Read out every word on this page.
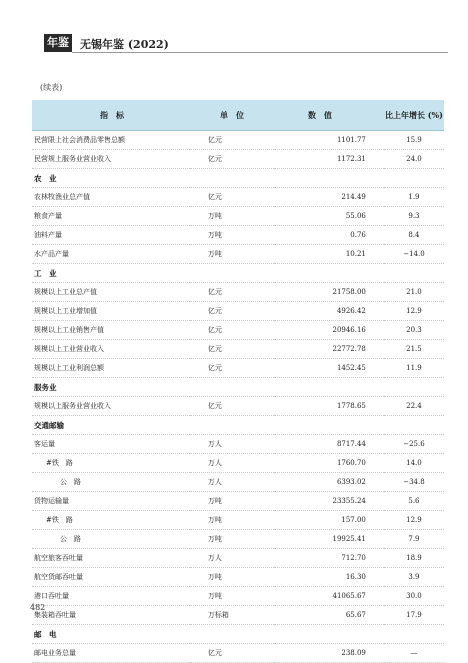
年鉴 无锡年鉴 (2022)
(续表)
指　标	单　位	数　值	比上年增长 (%)
民营限上社会消费品零售总额	亿元	1101.77	15.9
民营规上服务业营业收入	亿元	1172.31	24.0
农　业			
农林牧渔业总产值	亿元	214.49	1.9
粮食产量	万吨	55.06	9.3
油料产量	万吨	0.76	8.4
水产品产量	万吨	10.21	−14.0
工　业			
规模以上工业总产值	亿元	21758.00	21.0
规模以上工业增加值	亿元	4926.42	12.9
规模以上工业销售产值	亿元	20946.16	20.3
规模以上工业营业收入	亿元	22772.78	21.5
规模以上工业利润总额	亿元	1452.45	11.9
服务业			
规模以上服务业营业收入	亿元	1778.65	22.4
交通邮输			
客运量	万人	8717.44	−25.6
#铁　路	万人	1760.70	14.0
公　路	万人	6393.02	−34.8
货物运输量	万吨	23355.24	5.6
#铁　路	万吨	157.00	12.9
公　路	万吨	19925.41	7.9
航空旅客吞吐量	万人	712.70	18.9
航空货邮吞吐量	万吨	16.30	3.9
港口吞吐量	万吨	41065.67	30.0
集装箱吞吐量	万标箱	65.67	17.9
邮　电			
邮电业务总量	亿元	238.09	—
482
